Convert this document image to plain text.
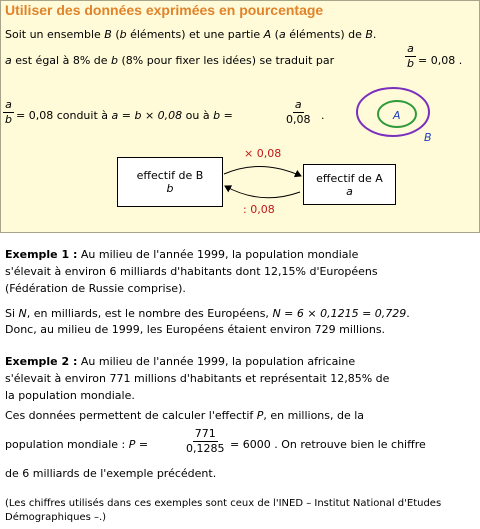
Utiliser des données exprimées en pourcentage
Soit un ensemble B (b éléments) et une partie A (a éléments) de B.
a est égal à 8% de b (8% pour fixer les idées) se traduit par	$\frac{a}{b} = 0,08$ .
$\frac{a}{b} = 0,08$ conduit à a = b × 0,08 ou à b =	$\frac{a}{0,08}$ .	A
B
effectif de B
b
effectif de A
a
× 0,08
: 0,08
Exemple 1 : Au milieu de l'année 1999, la population mondiale
s'élevait à environ 6 milliards d'habitants dont 12,15% d'Européens
(Fédération de Russie comprise).
Si N, en milliards, est le nombre des Européens, N = 6 × 0,1215 = 0,729.
Donc, au milieu de 1999, les Européens étaient environ 729 millions.
Exemple 2 : Au milieu de l'année 1999, la population africaine
s'élevait à environ 771 millions d'habitants et représentait 12,85% de
la population mondiale.
Ces données permettent de calculer l'effectif P, en millions, de la
population mondiale : P =	$\frac{771}{0,1285} = 6000$ . On retrouve bien le chiffre
de 6 milliards de l'exemple précédent.
(Les chiffres utilisés dans ces exemples sont ceux de l'INED – Institut National d'Etudes
Démographiques –.)
